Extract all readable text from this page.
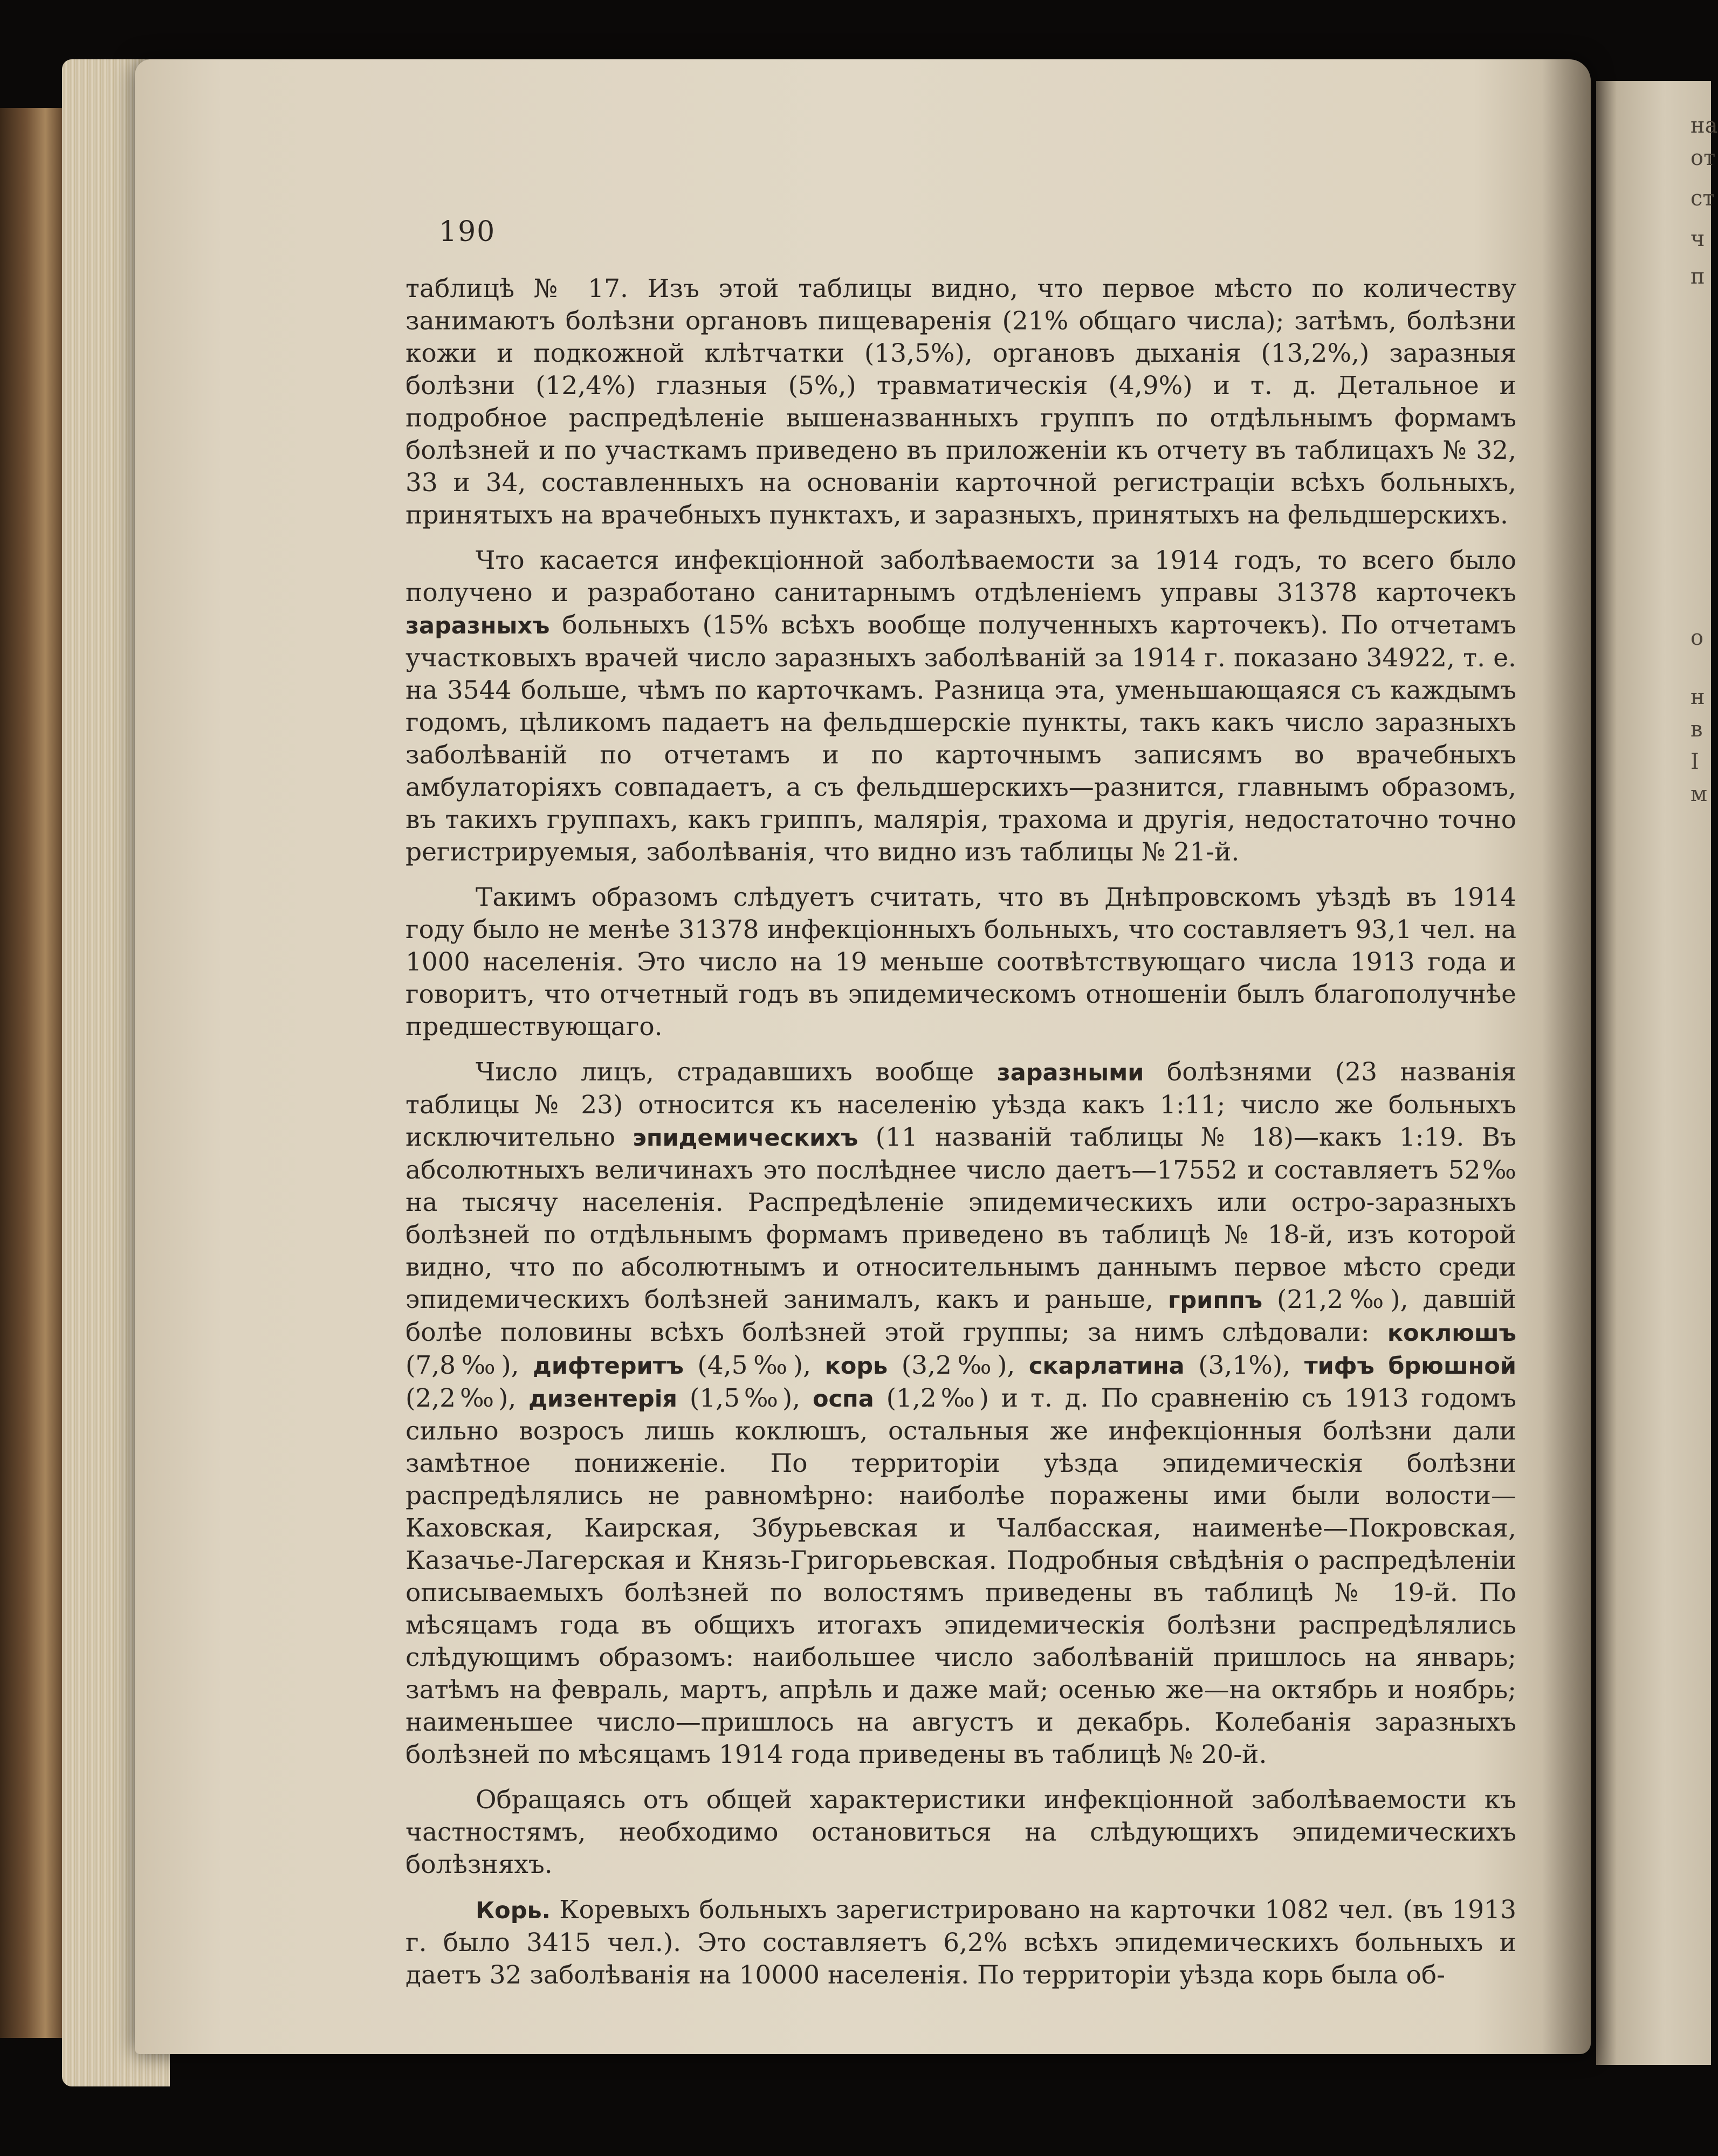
на
от
ст
ч
п
о
н
в
I
м
190

таблицѣ № 17. Изъ этой таблицы видно, что первое мѣсто по количеству занимаютъ болѣзни органовъ пищеваренія (21% общаго числа); затѣмъ, болѣзни кожи и подкожной клѣтчатки (13,5%), органовъ дыханія (13,2%,) заразныя болѣзни (12,4%) глазныя (5%,) травматическія (4,9%) и т. д. Детальное и подробное распредѣленіе вышеназванныхъ группъ по отдѣльнымъ формамъ болѣзней и по участкамъ приведено въ приложеніи къ отчету въ таблицахъ № 32, 33 и 34, составленныхъ на основаніи карточной регистраціи всѣхъ больныхъ, принятыхъ на врачебныхъ пунктахъ, и заразныхъ, принятыхъ на фельдшерскихъ.

Что касается инфекціонной заболѣваемости за 1914 годъ, то всего было получено и разработано санитарнымъ отдѣленіемъ управы 31378 карточекъ заразныхъ больныхъ (15% всѣхъ вообще полученныхъ карточекъ). По отчетамъ участковыхъ врачей число заразныхъ заболѣваній за 1914 г. показано 34922, т. е. на 3544 больше, чѣмъ по карточкамъ. Разница эта, уменьшающаяся съ каждымъ годомъ, цѣликомъ падаетъ на фельдшерскіе пункты, такъ какъ число заразныхъ заболѣваній по отчетамъ и по карточнымъ записямъ во врачебныхъ амбулаторіяхъ совпадаетъ, а съ фельдшерскихъ—разнится, главнымъ образомъ, въ такихъ группахъ, какъ гриппъ, малярія, трахома и другія, недостаточно точно регистрируемыя, заболѣванія, что видно изъ таблицы № 21-й.

Такимъ образомъ слѣдуетъ считать, что въ Днѣпровскомъ уѣздѣ въ 1914 году было не менѣе 31378 инфекціонныхъ больныхъ, что составляетъ 93,1 чел. на 1000 населенія. Это число на 19 меньше соотвѣтствующаго числа 1913 года и говоритъ, что отчетный годъ въ эпидемическомъ отношеніи былъ благополучнѣе предшествующаго.

Число лицъ, страдавшихъ вообще заразными болѣзнями (23 названія таблицы № 23) относится къ населенію уѣзда какъ 1:11; число же больныхъ исключительно эпидемическихъ (11 названій таблицы № 18)—какъ 1:19. Въ абсолютныхъ величинахъ это послѣднее число даетъ—17552 и составляетъ 52‰ на тысячу населенія. Распредѣленіе эпидемическихъ или остро-заразныхъ болѣзней по отдѣльнымъ формамъ приведено въ таблицѣ № 18-й, изъ которой видно, что по абсолютнымъ и относительнымъ даннымъ первое мѣсто среди эпидемическихъ болѣзней занималъ, какъ и раньше, гриппъ (21,2‰), давшій болѣе половины всѣхъ болѣзней этой группы; за нимъ слѣдовали: коклюшъ (7,8‰), дифтеритъ (4,5‰), корь (3,2‰), скарлатина (3,1%), тифъ брюшной (2,2‰), дизентерія (1,5‰), оспа (1,2‰) и т. д. По сравненію съ 1913 годомъ сильно возросъ лишь коклюшъ, остальныя же инфекціонныя болѣзни дали замѣтное пониженіе. По территоріи уѣзда эпидемическія болѣзни распредѣлялись не равномѣрно: наиболѣе поражены ими были волости—Каховская, Каирская, Збурьевская и Чалбасская, наименѣе—Покровская, Казачье-Лагерская и Князь-Григорьевская. Подробныя свѣдѣнія о распредѣленіи описываемыхъ болѣзней по волостямъ приведены въ таблицѣ № 19-й. По мѣсяцамъ года въ общихъ итогахъ эпидемическія болѣзни распредѣлялись слѣдующимъ образомъ: наибольшее число заболѣваній пришлось на январь; затѣмъ на февраль, мартъ, апрѣль и даже май; осенью же—на октябрь и ноябрь; наименьшее число—пришлось на августъ и декабрь. Колебанія заразныхъ болѣзней по мѣсяцамъ 1914 года приведены въ таблицѣ № 20-й.

Обращаясь отъ общей характеристики инфекціонной заболѣваемости къ частностямъ, необходимо остановиться на слѣдующихъ эпидемическихъ болѣзняхъ.

Корь. Коревыхъ больныхъ зарегистрировано на карточки 1082 чел. (въ 1913 г. было 3415 чел.). Это составляетъ 6,2% всѣхъ эпидемическихъ больныхъ и даетъ 32 заболѣванія на 10000 населенія. По территоріи уѣзда корь была об-
